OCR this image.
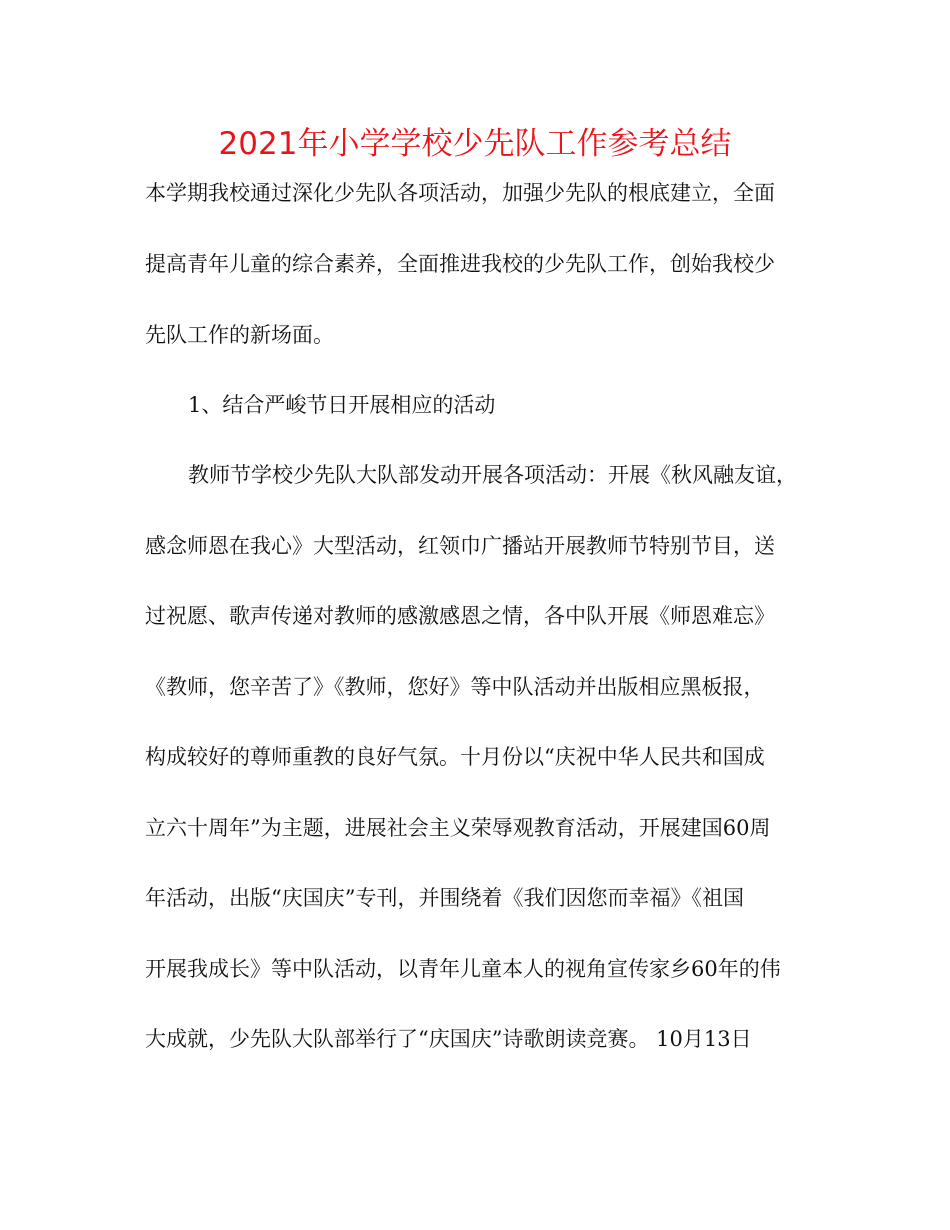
2021年小学学校少先队工作参考总结
本学期我校通过深化少先队各项活动，加强少先队的根底建立，全面
提高青年儿童的综合素养，全面推进我校的少先队工作，创始我校少
先队工作的新场面。
1、结合严峻节日开展相应的活动
教师节学校少先队大队部发动开展各项活动：开展《秋风融友谊，
感念师恩在我心》大型活动，红领巾广播站开展教师节特别节目，送
过祝愿、歌声传递对教师的感激感恩之情，各中队开展《师恩难忘》
《教师，您辛苦了》《教师，您好》等中队活动并出版相应黑板报，
构成较好的尊师重教的良好气氛。十月份以“庆祝中华人民共和国成
立六十周年”为主题，进展社会主义荣辱观教育活动，开展建国60周
年活动，出版“庆国庆”专刊，并围绕着《我们因您而幸福》《祖国
开展我成长》等中队活动，以青年儿童本人的视角宣传家乡60年的伟
大成就，少先队大队部举行了“庆国庆”诗歌朗读竞赛。 10月13日
